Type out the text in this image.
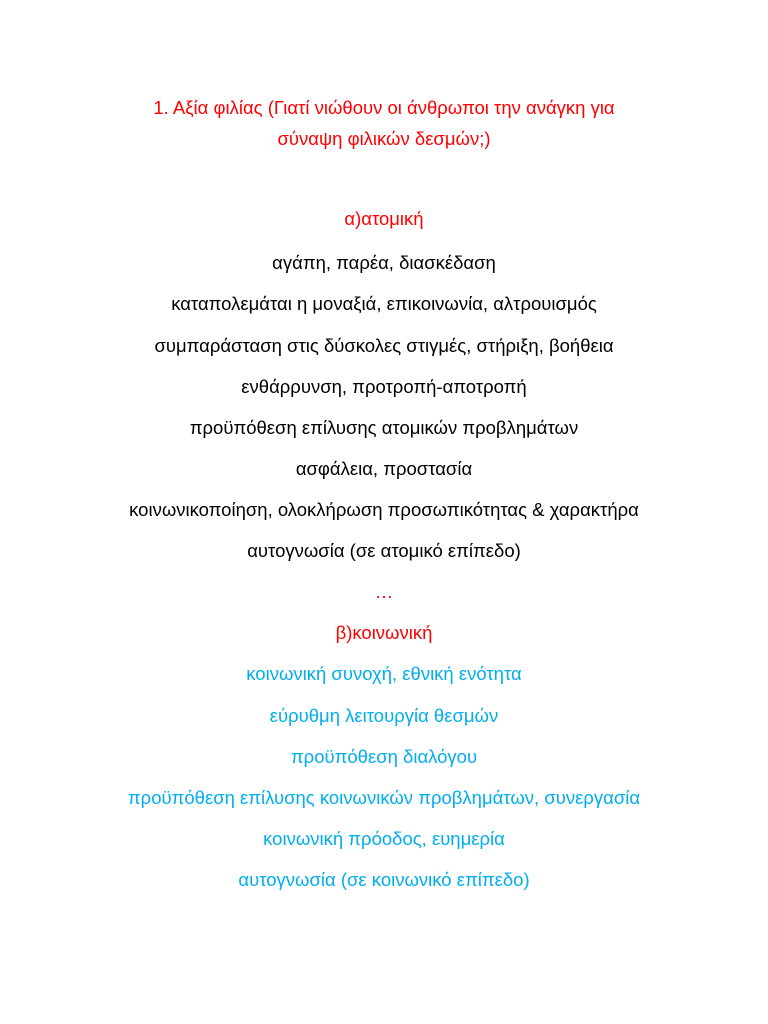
1. Αξία φιλίας (Γιατί νιώθουν οι άνθρωποι την ανάγκη για
σύναψη φιλικών δεσμών;)
α)ατομική
αγάπη, παρέα, διασκέδαση
καταπολεμάται η μοναξιά, επικοινωνία, αλτρουισμός
συμπαράσταση στις δύσκολες στιγμές, στήριξη, βοήθεια
ενθάρρυνση, προτροπή-αποτροπή
προϋπόθεση επίλυσης ατομικών προβλημάτων
ασφάλεια, προστασία
κοινωνικοποίηση, ολοκλήρωση προσωπικότητας & χαρακτήρα
αυτογνωσία (σε ατομικό επίπεδο)
…
β)κοινωνική
κοινωνική συνοχή, εθνική ενότητα
εύρυθμη λειτουργία θεσμών
προϋπόθεση διαλόγου
προϋπόθεση επίλυσης κοινωνικών προβλημάτων, συνεργασία
κοινωνική πρόοδος, ευημερία
αυτογνωσία (σε κοινωνικό επίπεδο)
